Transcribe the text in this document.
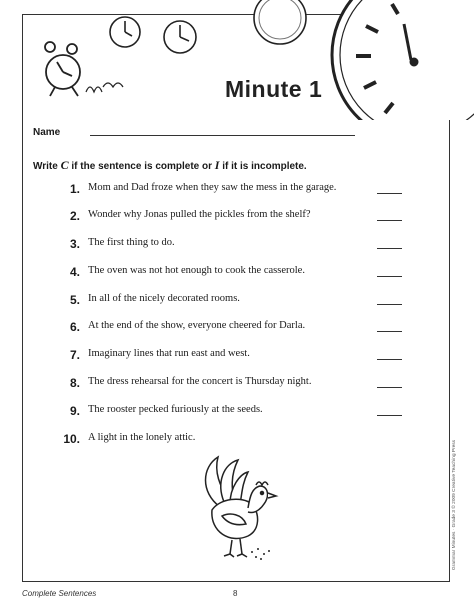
Minute 1
Name
Write C if the sentence is complete or I if it is incomplete.
1. Mom and Dad froze when they saw the mess in the garage.
2. Wonder why Jonas pulled the pickles from the shelf?
3. The first thing to do.
4. The oven was not hot enough to cook the casserole.
5. In all of the nicely decorated rooms.
6. At the end of the show, everyone cheered for Darla.
7. Imaginary lines that run east and west.
8. The dress rehearsal for the concert is Thursday night.
9. The rooster pecked furiously at the seeds.
10. A light in the lonely attic.
Grammar Minutes · Grade 3 © 2009 Creative Teaching Press
Complete Sentences	8
